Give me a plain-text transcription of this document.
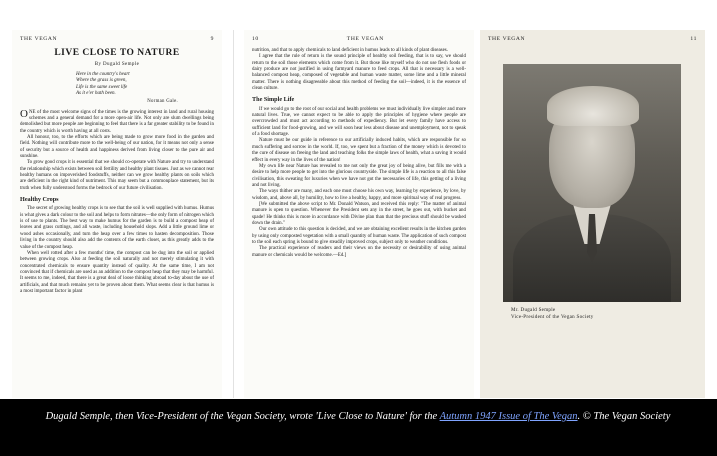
THE VEGAN	9
LIVE CLOSE TO NATURE
By Dugald Semple
Here in the country's heart
Where the grass is green,
Life is the same sweet life
As it e'er hath been.
Norman Gale.

ONE of the most welcome signs of the times is the growing interest in land and rural housing schemes and a general demand for a more open-air life. Not only are slum dwellings being demolished but more people are beginning to feel that there is a far greater stability to be found in the country which is worth having at all costs.

All honour, too, to the efforts which are being made to grow more food in the garden and field. Nothing will contribute more to the well-being of our nation, for it means not only a sense of security but a source of health and happiness derived from living closer to the pure air and sunshine.

To grow good crops it is essential that we should co-operate with Nature and try to understand the relationship which exists between soil fertility and healthy plant tissues. Just as we cannot rear healthy humans on impoverished foodstuffs, neither can we grow healthy plants on soils which are deficient in the right kind of nutriment. This may seem but a commonplace statement, but its truth when fully understood forms the bedrock of our future civilisation.

Healthy Crops

The secret of growing healthy crops is to see that the soil is well supplied with humus. Humus is what gives a dark colour to the soil and helps to form nitrates—the only form of nitrogen which is of use to plants. The best way to make humus for the garden is to build a compost heap of leaves and grass cuttings, and all waste, including household slops. Add a little ground lime or wood ashes occasionally, and turn the heap over a few times to hasten decomposition. Those living in the country should also add the contents of the earth closet, as this greatly adds to the value of the compost heap.

When well rotted after a few months' time, the compost can be dug into the soil or applied between growing crops. Also at feeding the soil naturally and not merely stimulating it with concentrated chemicals to ensure quantity instead of quality. At the same time, I am not convinced that if chemicals are used as an addition to the compost heap that they may be harmful. It seems to me, indeed, that there is a great deal of loose thinking abroad to-day about the use of artificials, and that much remains yet to be proven about them. What seems clear is that humus is a most important factor in plant

10	THE VEGAN

nutrition, and that to apply chemicals to land deficient in humus leads to all kinds of plant diseases.

I agree that the rule of return is the sound principle of healthy soil feeding, that is to say, we should return to the soil those elements which come from it. But those like myself who do not use flesh foods or dairy produce are not justified in using farmyard manure to feed crops. All that is necessary is a well-balanced compost heap, composed of vegetable and human waste matter, some lime and a little mineral matter. There is nothing disagreeable about this method of feeding the soil—indeed, it is the essence of clean culture.

The Simple Life

If we would go to the root of our social and health problems we must individually live simpler and more natural lives. True, we cannot expect to be able to apply the principles of hygiene where people are overcrowded and must act according to methods of expediency. But let every family have access to sufficient land for food-growing, and we will soon hear less about disease and unemployment, not to speak of a food shortage.

Nature must be our guide in reference to our artificially induced habits, which are responsible for so much suffering and sorrow in the world. If, too, we spent but a fraction of the money which is devoted to the cure of disease on freeing the land and teaching folks the simple laws of health, what a saving it would effect in every way in the lives of the nation!

My own life near Nature has revealed to me not only the great joy of being alive, but fills me with a desire to help more people to get into the glorious countryside. The simple life is a reaction to all this false civilisation, this sweating for luxuries when we have not got the necessaries of life, this getting of a living and not living.

The ways thither are many, and each one must choose his own way, learning by experience, by love, by wisdom, and, above all, by humility, how to live a healthy, happy, and more spiritual way of real progress.

[We submitted the above script to Mr. Donald Watson, and received this reply: "The matter of animal manure is open to question. Whenever the President sets any in the street, he goes out, with bucket and spade! He thinks this is more in accordance with Divine plan than that the precious stuff should be washed down the drain."

Our own attitude to this question is decided, and we are obtaining excellent results in the kitchen garden by using only composted vegetation with a small quantity of human waste. The application of such compost to the soil each spring is bound to give steadily improved crops, subject only to weather conditions.

The practical experience of readers and their views on the necessity or desirability of using animal manure or chemicals would be welcome.—Ed.]

THE VEGAN	11
Mr. Dugald Semple
Vice-President of the Vegan Society
Dugald Semple, then Vice-President of the Vegan Society, wrote 'Live Close to Nature' for the Autumn 1947 Issue of The Vegan. © The Vegan Society
